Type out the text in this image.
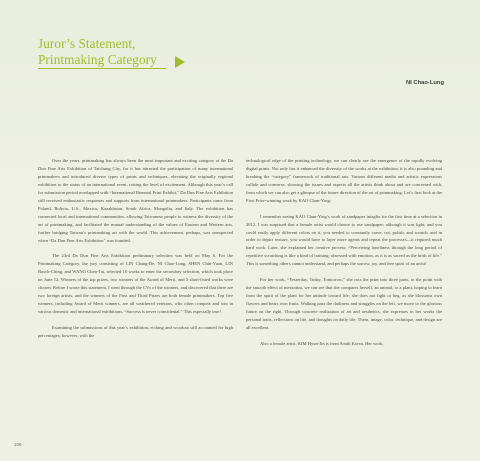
Juror’s Statement,
Printmaking Category
NI Chao-Lung

Over the years, printmaking has always been the most important and exciting category at the Da Dun Fine Arts Exhibition of Taichung City, for it has attracted the participation of many international printmakers and introduced diverse types of prints and techniques, elevating the originally regional exhibition to the status of an international event, raising the level of excitement. Although this year’s call for submission period overlapped with “International Biennial Print Exhibit,” Da Dun Fine Arts Exhibition still received enthusiastic responses and supports from international printmakers. Participants came from Poland, Bolivia, U.S., Mexico, Kazakhstan, South Africa, Mongolia, and Italy. The exhibition has connected local and international communities, allowing Taiwanese people to witness the diversity of the art of printmaking, and facilitated the mutual understanding of the values of Eastern and Western arts, further bridging Taiwan’s printmaking art with the world. This achievement, perhaps, was unexpected when “Da Dun Fine Arts Exhibition” was founded.

The 23rd Da Dun Fine Arts Exhibition preliminary selection was held on May 6. For the Printmaking Category, the jury consisting of LIN Chang-De, NI Chao-Lung, SHEN Chin-Yuan, LIN Bosch-Ching, and WANG Chen-Tai, selected 10 works to enter the secondary selection, which took place on June 12. Winners of the top prizes, two winners of the Award of Merit, and 5 short-listed works were chosen. Before I wrote this statement, I went through the CVs of the winners, and discovered that there are two foreign artists, and the winners of the First and Third Prizes are both female printmakers. Top five winners, including Award of Merit winners, are all weathered veterans, who often compete and win in various domestic and international exhibitions. “Success is never coincidental.” This especially true!

Examining the submissions of this year’s exhibition, etching and woodcut still accounted for high percentages; however, with the

technological edge of the printing technology, we can clearly see the emergence of the rapidly evolving digital prints. Not only has it enhanced the diversity of the works at the exhibition, it is also pounding and breaking the “category” framework of traditional arts. Various different media and artistic expressions collide and converse, showing the issues and aspects all the artists think about and are concerned with, from which we can also get a glimpse of the future direction of the art of printmaking. Let’s first look at the First Prize-winning work by KAO Chun-Ying:

I remember seeing KAO Chun-Ying’s work of sandpaper intaglio for the first time at a selection in 2012. I was surprised that a female artist would choose to use sandpaper; although it was light, and you could easily apply different colors on it, you needed to constantly carve, cut, polish, and scratch, and in order to depict texture, you would have to layer more agents and repeat the processes—it required much hard work. Later, she explained her creative process: “Perceiving loneliness through the long period of repetitive scratching is like a kind of training; obsessed with emotion, as it is as sacred as the birth of life.” This is something others cannot understand, and perhaps the sorrow, joy, and free spirit of an artist!

For her work, “Yesterday, Today, Tomorrow,” she cuts the print into three parts, to the point with the smooth effect of mezzotint, we can see that she compares herself, an animal, to a plant, hoping to learn from the spirit of the plant for her attitude toward life; she does not fight or beg, as she blossoms own flowers and bears own fruits. Walking pass the darkness and struggles on the left, we move to the glorious future on the right. Through concrete realization of art and aesthetics, she expresses in her works the personal traits, reflections on life, and thoughts on daily life. Them, image, color, technique, and design are all excellent.

Also a female artist, KIM Hyun-Jin is from South Korea. Her work,

106
